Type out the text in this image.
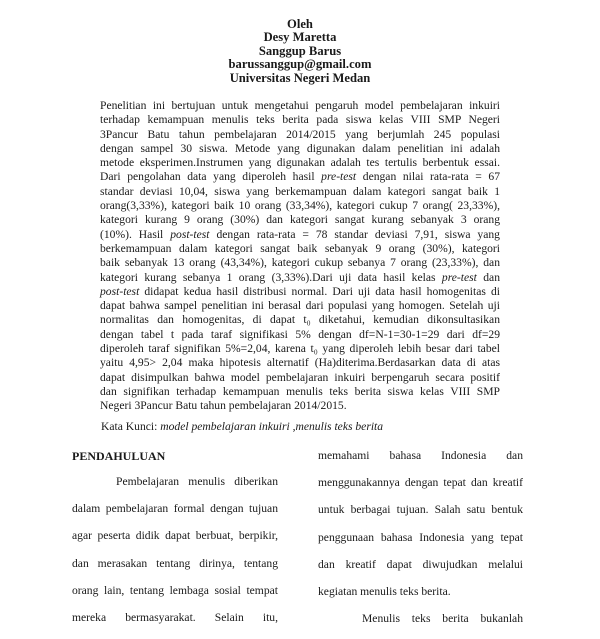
Oleh
Desy Maretta
Sanggup Barus
barussanggup@gmail.com
Universitas Negeri Medan
Penelitian ini bertujuan untuk mengetahui pengaruh model pembelajaran inkuiri
terhadap kemampuan menulis teks berita pada siswa kelas VIII SMP Negeri
3Pancur Batu tahun pembelajaran 2014/2015 yang berjumlah 245 populasi
dengan sampel 30 siswa. Metode yang digunakan dalam penelitian ini adalah
metode eksperimen.Instrumen yang digunakan adalah tes tertulis berbentuk essai.
Dari pengolahan data yang diperoleh hasil pre-test dengan nilai rata-rata = 67
standar deviasi 10,04, siswa yang berkemampuan dalam kategori sangat baik 1
orang(3,33%), kategori baik 10 orang (33,34%), kategori cukup 7 orang( 23,33%),
kategori kurang 9 orang (30%) dan kategori sangat kurang sebanyak 3 orang
(10%). Hasil post-test dengan rata-rata = 78 standar deviasi 7,91, siswa yang
berkemampuan dalam kategori sangat baik sebanyak 9 orang (30%), kategori
baik sebanyak 13 orang (43,34%), kategori cukup sebanya 7 orang (23,33%), dan
kategori kurang sebanya 1 orang (3,33%).Dari uji data hasil kelas pre-test dan
post-test didapat kedua hasil distribusi normal. Dari uji data hasil homogenitas di
dapat bahwa sampel penelitian ini berasal dari populasi yang homogen. Setelah uji
normalitas dan homogenitas, di dapat t₀ diketahui, kemudian dikonsultasikan
dengan tabel t pada taraf signifikasi 5% dengan df=N-1=30-1=29 dari df=29
diperoleh taraf signifikan 5%=2,04, karena t₀ yang diperoleh lebih besar dari tabel
yaitu 4,95> 2,04 maka hipotesis alternatif (Ha)diterima.Berdasarkan data di atas
dapat disimpulkan bahwa model pembelajaran inkuiri berpengaruh secara positif
dan signifikan terhadap kemampuan menulis teks berita siswa kelas VIII SMP
Negeri 3Pancur Batu tahun pembelajaran 2014/2015.
Kata Kunci: model pembelajaran inkuiri ,menulis teks berita
PENDAHULUAN
Pembelajaran menulis diberikan
dalam pembelajaran formal dengan tujuan
agar peserta didik dapat berbuat, berpikir,
dan merasakan tentang dirinya, tentang
orang lain, tentang lembaga sosial tempat
mereka bermasyarakat. Selain itu,
memahami bahasa Indonesia dan
menggunakannya dengan tepat dan kreatif
untuk berbagai tujuan. Salah satu bentuk
penggunaan bahasa Indonesia yang tepat
dan kreatif dapat diwujudkan melalui
kegiatan menulis teks berita.
Menulis teks berita bukanlah
